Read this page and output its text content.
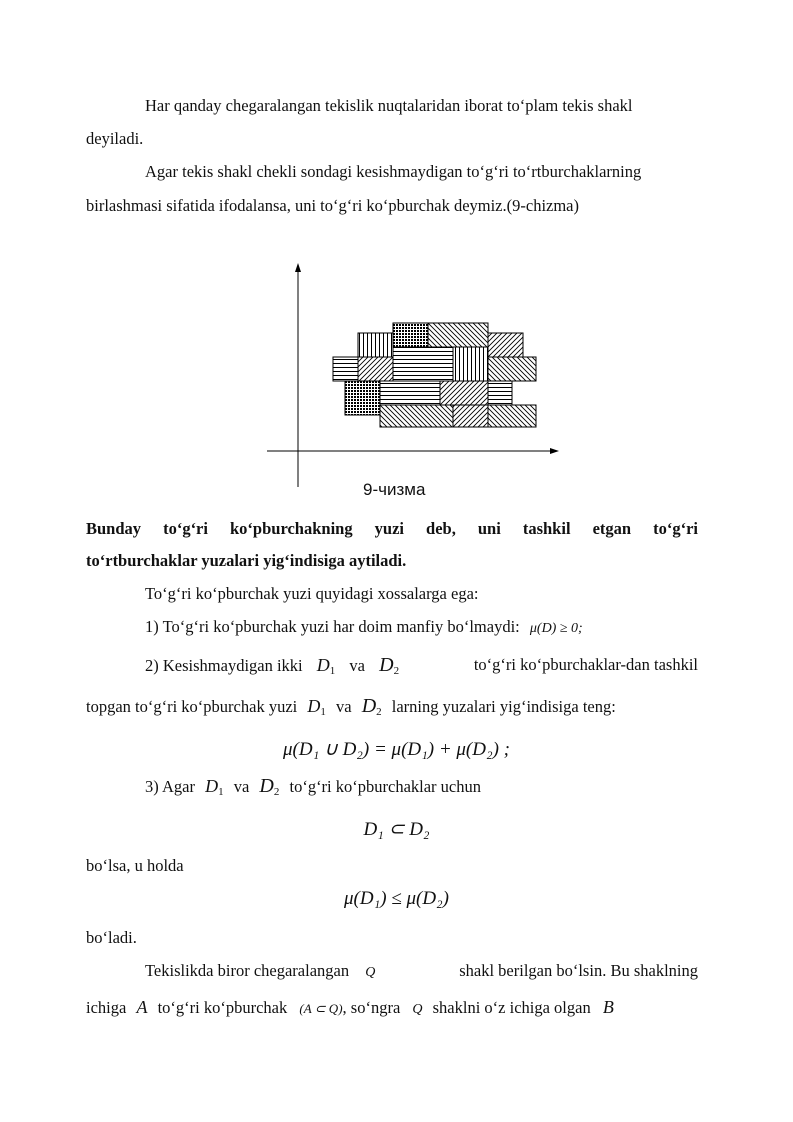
Har qanday chegaralangan tekislik nuqtalaridan iborat to‘plam tekis shakl
deyiladi.
Agar tekis shakl chekli sondagi kesishmaydigan to‘g‘ri to‘rtburchaklarning
birlashmasi sifatida ifodalansa, uni to‘g‘ri ko‘pburchak deymiz.(9-chizma)
9-чизма
Bunday to‘g‘ri ko‘pburchakning yuzi deb, uni tashkil etgan to‘g‘ri
to‘rtburchaklar yuzalari yig‘indisiga aytiladi.
To‘g‘ri ko‘pburchak yuzi quyidagi xossalarga ega:
1) To‘g‘ri ko‘pburchak yuzi har doim manfiy bo‘lmaydi: μ(D) ≥ 0;
2) Kesishmaydigan ikki $D_1$ va $D_2$	to‘g‘ri ko‘pburchaklar-dan tashkil
topgan to‘g‘ri ko‘pburchak yuzi $D_1$ va $D_2$ larning yuzalari yig‘indisiga teng:
μ(D₁ ∪ D₂) = μ(D₁) + μ(D₂) ;
3) Agar $D_1$ va $D_2$ to‘g‘ri ko‘pburchaklar uchun
D₁ ⊂ D₂
bo‘lsa, u holda
μ(D₁) ≤ μ(D₂)
bo‘ladi.
Tekislikda biror chegaralangan Q	shakl berilgan bo‘lsin. Bu shaklning
ichiga A to‘g‘ri ko‘pburchak (A ⊂ Q), so‘ngra Q shaklni o‘z ichiga olgan B
